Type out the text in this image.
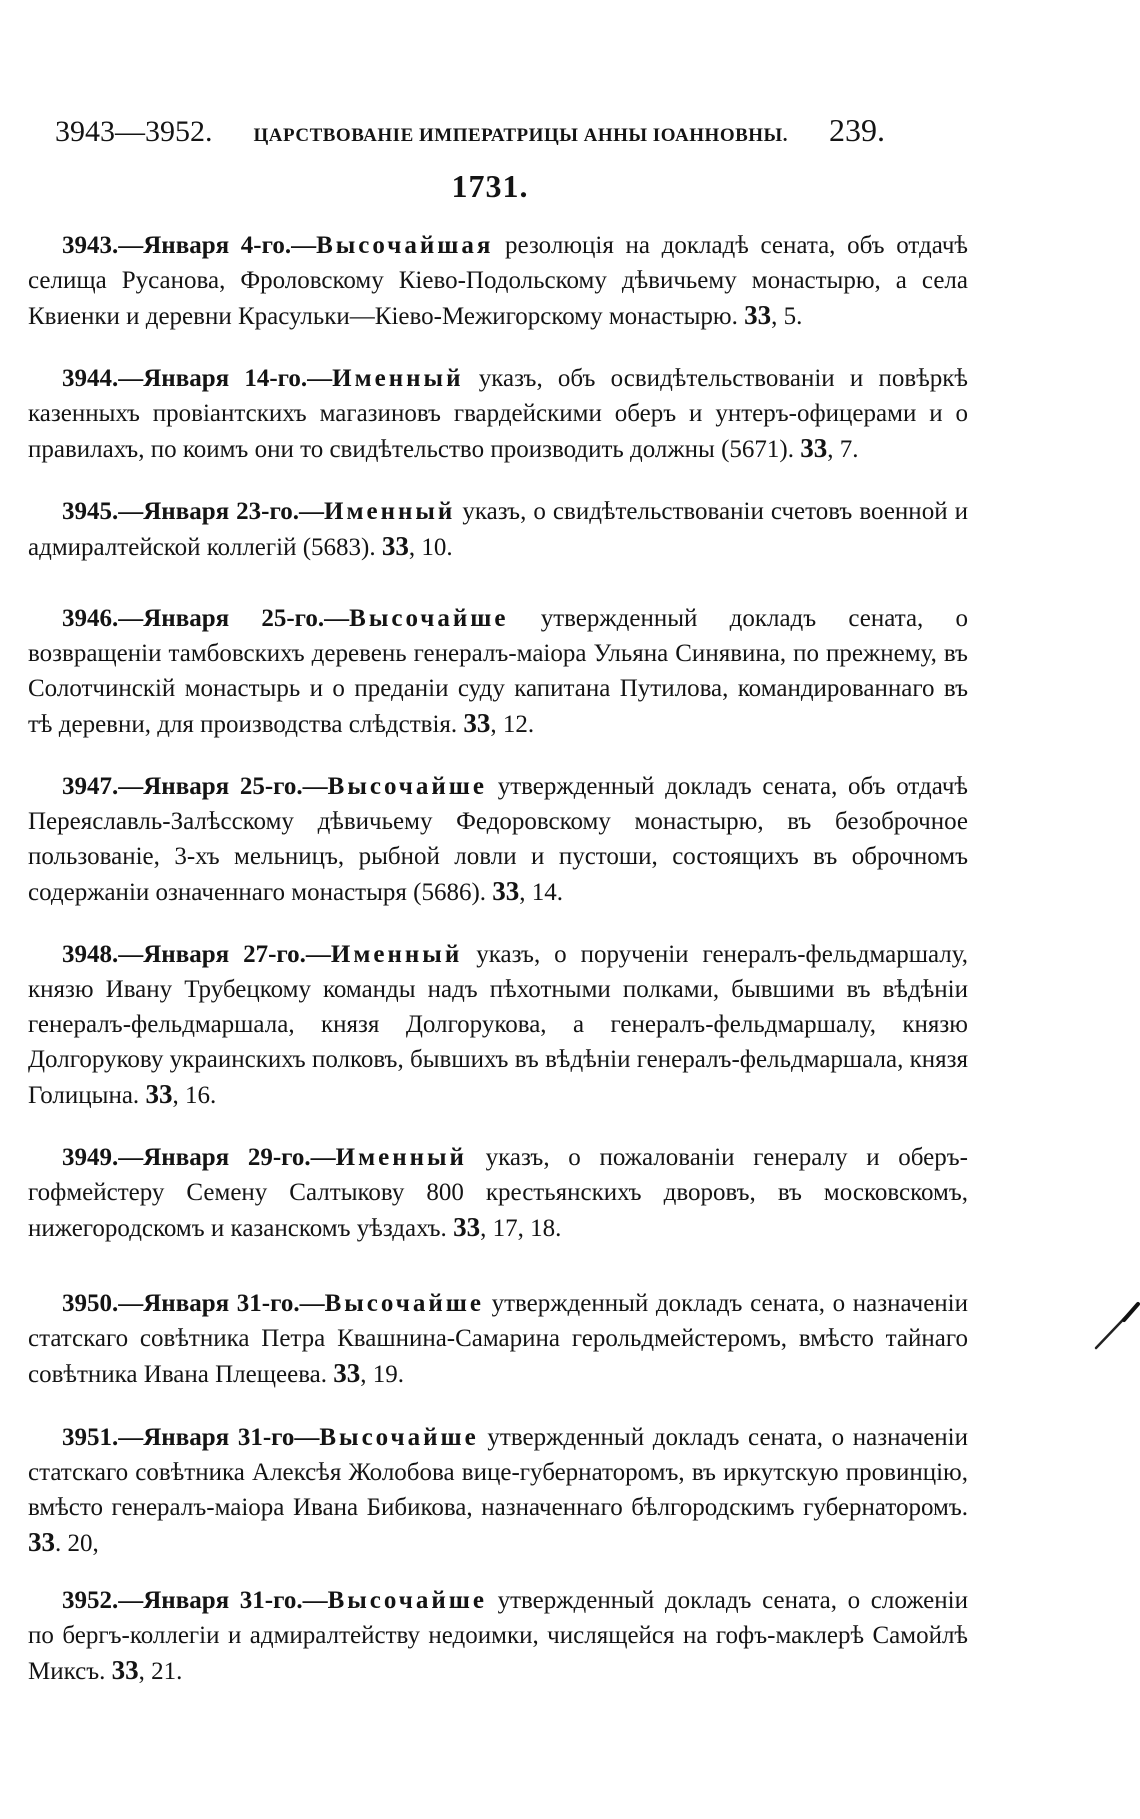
3943—3952. ЦАРСТВОВАНІЕ ИМПЕРАТРИЦЫ АННЫ ІОАННОВНЫ. 239.
1731.

3943.—Января 4-го.—Высочайшая резолюція на докладѣ сената, объ отдачѣ селища Русанова, Фроловскому Кіево-Подольскому дѣвичьему монастырю, а села Квиенки и деревни Красульки—Кіево-Межигорскому монастырю. 33, 5.

3944.—Января 14-го.—Именный указъ, объ освидѣтельствованіи и повѣркѣ казенныхъ провіантскихъ магазиновъ гвардейскими оберъ и унтеръ-офицерами и о правилахъ, по коимъ они то свидѣтельство производить должны (5671). 33, 7.

3945.—Января 23-го.—Именный указъ, о свидѣтельствованіи счетовъ военной и адмиралтейской коллегій (5683). 33, 10.

3946.—Января 25-го.—Высочайше утвержденный докладъ сената, о возвращеніи тамбовскихъ деревень генералъ-маіора Ульяна Синявина, по прежнему, въ Солотчинскій монастырь и о преданіи суду капитана Путилова, командированнаго въ тѣ деревни, для производства слѣдствія. 33, 12.

3947.—Января 25-го.—Высочайше утвержденный докладъ сената, объ отдачѣ Переяславль-Залѣсскому дѣвичьему Федоровскому монастырю, въ безоброчное пользованіе, 3-хъ мельницъ, рыбной ловли и пустоши, состоящихъ въ оброчномъ содержаніи означеннаго монастыря (5686). 33, 14.

3948.—Января 27-го.—Именный указъ, о порученіи генералъ-фельдмаршалу, князю Ивану Трубецкому команды надъ пѣхотными полками, бывшими въ вѣдѣніи генералъ-фельдмаршала, князя Долгорукова, а генералъ-фельдмаршалу, князю Долгорукову украинскихъ полковъ, бывшихъ въ вѣдѣніи генералъ-фельдмаршала, князя Голицына. 33, 16.

3949.—Января 29-го.—Именный указъ, о пожалованіи генералу и оберъ-гофмейстеру Семену Салтыкову 800 крестьянскихъ дворовъ, въ московскомъ, нижегородскомъ и казанскомъ уѣздахъ. 33, 17, 18.

3950.—Января 31-го.—Высочайше утвержденный докладъ сената, о назначеніи статскаго совѣтника Петра Квашнина-Самарина герольдмейстеромъ, вмѣсто тайнаго совѣтника Ивана Плещеева. 33, 19.

3951.—Января 31-го—Высочайше утвержденный докладъ сената, о назначеніи статскаго совѣтника Алексѣя Жолобова вице-губернаторомъ, въ иркутскую провинцію, вмѣсто генералъ-маіора Ивана Бибикова, назначеннаго бѣлгородскимъ губернаторомъ. 33. 20,

3952.—Января 31-го.—Высочайше утвержденный докладъ сената, о сложеніи по бергъ-коллегіи и адмиралтейству недоимки, числящейся на гофъ-маклерѣ Самойлѣ Миксъ. 33, 21.
